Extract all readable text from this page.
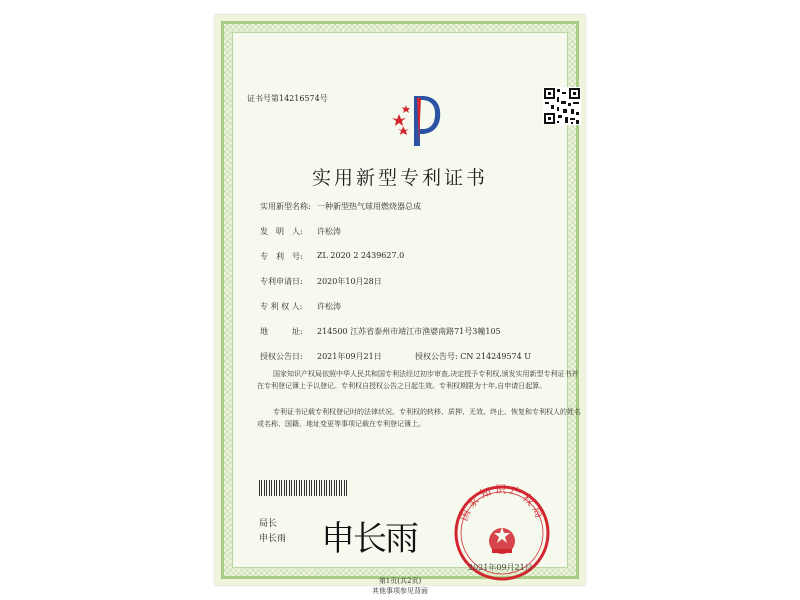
证书号第14216574号
实用新型专利证书
实用新型名称: 一种新型热气球用燃烧器总成
发　明　人: 许松涛
专　利　号: ZL 2020 2 2439627.0
专利申请日: 2020年10月28日
专 利 权 人: 许松涛
地　　　址: 214500 江苏省泰州市靖江市渔婆南路71号3幢105
授权公告日: 2021年09月21日	授权公告号: CN 214249574 U

国家知识产权局依照中华人民共和国专利法经过初步审查,决定授予专利权,颁发实用新型专利证书并在专利登记簿上予以登记。专利权自授权公告之日起生效。专利权期限为十年,自申请日起算。

专利证书记载专利权登记时的法律状况。专利权的转移、质押、无效、终止、恢复和专利权人的姓名或名称、国籍、地址变更等事项记载在专利登记簿上。

局长
申长雨 申长雨
国家知识产权局
2021年09月21日
第1页(共2页)
其他事项参见背面
